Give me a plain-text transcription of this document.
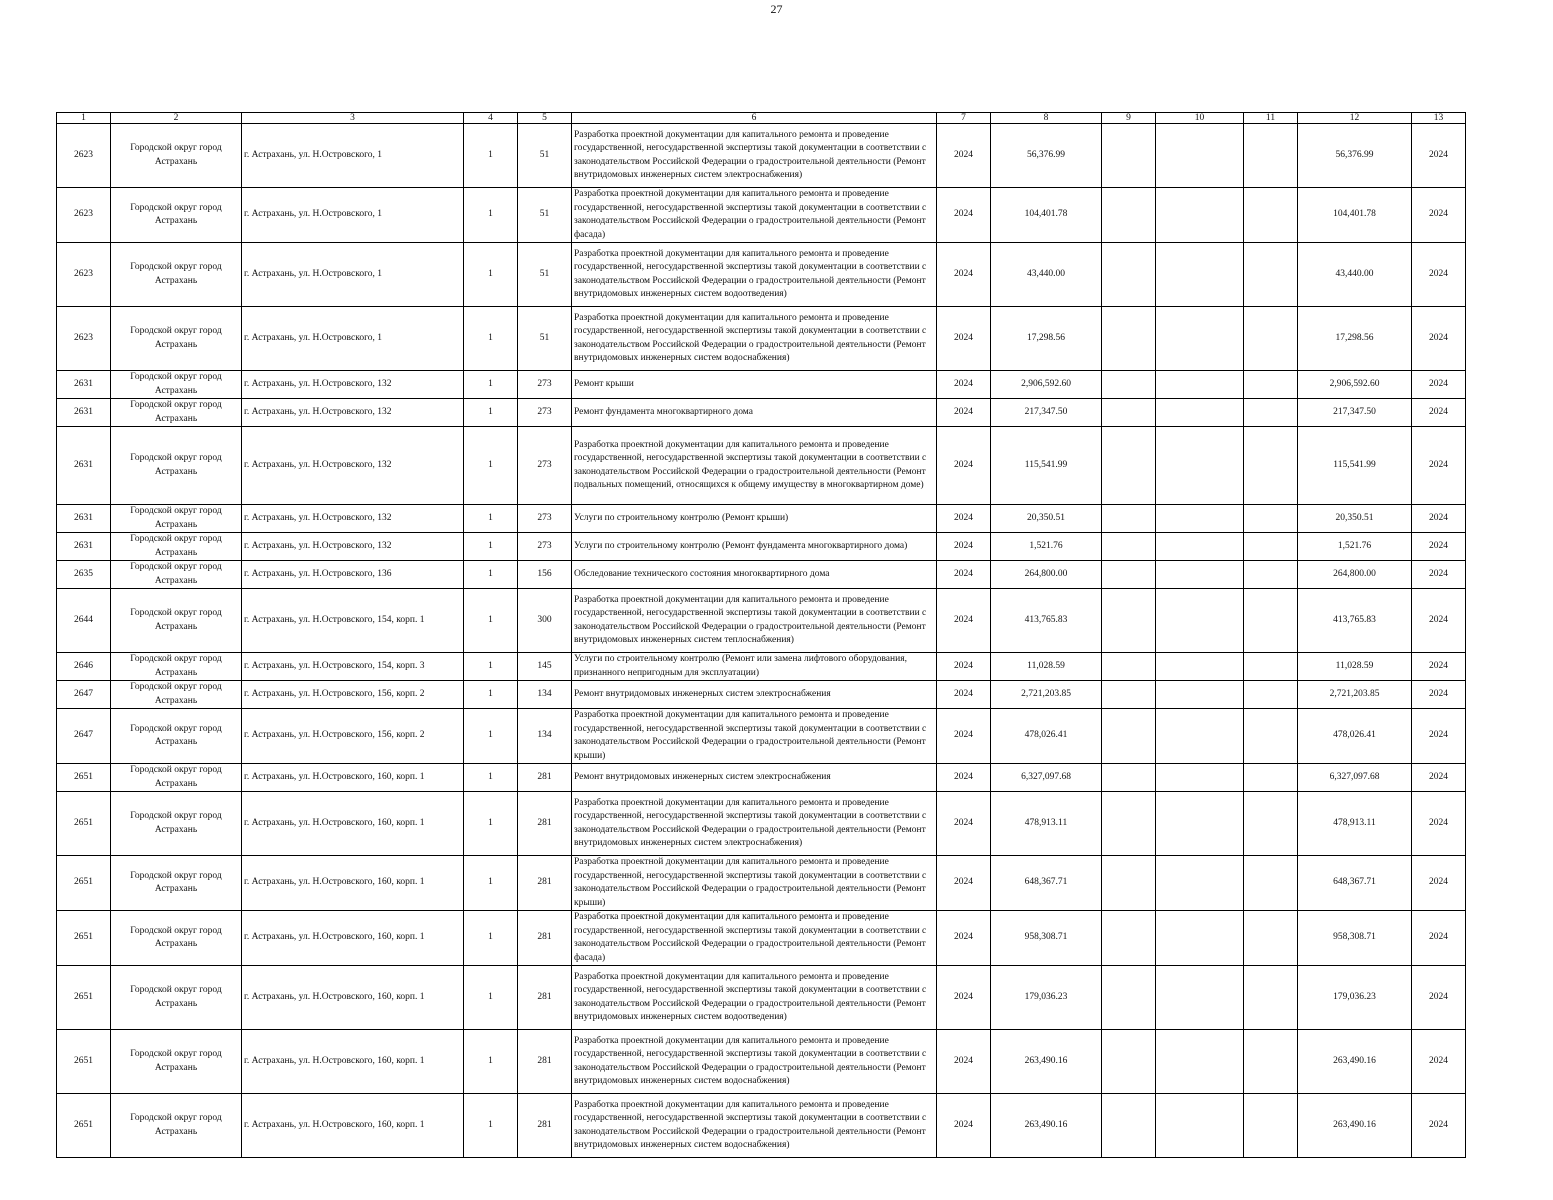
27
1	2	3	4	5	6	7	8	9	10	11	12	13
2623	Городской округ город Астрахань	г. Астрахань, ул. Н.Островского, 1	1	51	Разработка проектной документации для капитального ремонта и проведение государственной, негосударственной экспертизы такой документации в соответствии с законодательством Российской Федерации о градостроительной деятельности (Ремонт внутридомовых инженерных систем электроснабжения)	2024	56,376.99				56,376.99	2024
2623	Городской округ город Астрахань	г. Астрахань, ул. Н.Островского, 1	1	51	Разработка проектной документации для капитального ремонта и проведение государственной, негосударственной экспертизы такой документации в соответствии с законодательством Российской Федерации о градостроительной деятельности (Ремонт фасада)	2024	104,401.78				104,401.78	2024
2623	Городской округ город Астрахань	г. Астрахань, ул. Н.Островского, 1	1	51	Разработка проектной документации для капитального ремонта и проведение государственной, негосударственной экспертизы такой документации в соответствии с законодательством Российской Федерации о градостроительной деятельности (Ремонт внутридомовых инженерных систем водоотведения)	2024	43,440.00				43,440.00	2024
2623	Городской округ город Астрахань	г. Астрахань, ул. Н.Островского, 1	1	51	Разработка проектной документации для капитального ремонта и проведение государственной, негосударственной экспертизы такой документации в соответствии с законодательством Российской Федерации о градостроительной деятельности (Ремонт внутридомовых инженерных систем водоснабжения)	2024	17,298.56				17,298.56	2024
2631	Городской округ город Астрахань	г. Астрахань, ул. Н.Островского, 132	1	273	Ремонт крыши	2024	2,906,592.60				2,906,592.60	2024
2631	Городской округ город Астрахань	г. Астрахань, ул. Н.Островского, 132	1	273	Ремонт фундамента многоквартирного дома	2024	217,347.50				217,347.50	2024
2631	Городской округ город Астрахань	г. Астрахань, ул. Н.Островского, 132	1	273	Разработка проектной документации для капитального ремонта и проведение государственной, негосударственной экспертизы такой документации в соответствии с законодательством Российской Федерации о градостроительной деятельности (Ремонт подвальных помещений, относящихся к общему имуществу в многоквартирном доме)	2024	115,541.99				115,541.99	2024
2631	Городской округ город Астрахань	г. Астрахань, ул. Н.Островского, 132	1	273	Услуги по строительному контролю (Ремонт крыши)	2024	20,350.51				20,350.51	2024
2631	Городской округ город Астрахань	г. Астрахань, ул. Н.Островского, 132	1	273	Услуги по строительному контролю (Ремонт фундамента многоквартирного дома)	2024	1,521.76				1,521.76	2024
2635	Городской округ город Астрахань	г. Астрахань, ул. Н.Островского, 136	1	156	Обследование технического состояния многоквартирного дома	2024	264,800.00				264,800.00	2024
2644	Городской округ город Астрахань	г. Астрахань, ул. Н.Островского, 154, корп. 1	1	300	Разработка проектной документации для капитального ремонта и проведение государственной, негосударственной экспертизы такой документации в соответствии с законодательством Российской Федерации о градостроительной деятельности (Ремонт внутридомовых инженерных систем теплоснабжения)	2024	413,765.83				413,765.83	2024
2646	Городской округ город Астрахань	г. Астрахань, ул. Н.Островского, 154, корп. 3	1	145	Услуги по строительному контролю (Ремонт или замена лифтового оборудования, признанного непригодным для эксплуатации)	2024	11,028.59				11,028.59	2024
2647	Городской округ город Астрахань	г. Астрахань, ул. Н.Островского, 156, корп. 2	1	134	Ремонт внутридомовых инженерных систем электроснабжения	2024	2,721,203.85				2,721,203.85	2024
2647	Городской округ город Астрахань	г. Астрахань, ул. Н.Островского, 156, корп. 2	1	134	Разработка проектной документации для капитального ремонта и проведение государственной, негосударственной экспертизы такой документации в соответствии с законодательством Российской Федерации о градостроительной деятельности (Ремонт крыши)	2024	478,026.41				478,026.41	2024
2651	Городской округ город Астрахань	г. Астрахань, ул. Н.Островского, 160, корп. 1	1	281	Ремонт внутридомовых инженерных систем электроснабжения	2024	6,327,097.68				6,327,097.68	2024
2651	Городской округ город Астрахань	г. Астрахань, ул. Н.Островского, 160, корп. 1	1	281	Разработка проектной документации для капитального ремонта и проведение государственной, негосударственной экспертизы такой документации в соответствии с законодательством Российской Федерации о градостроительной деятельности (Ремонт внутридомовых инженерных систем электроснабжения)	2024	478,913.11				478,913.11	2024
2651	Городской округ город Астрахань	г. Астрахань, ул. Н.Островского, 160, корп. 1	1	281	Разработка проектной документации для капитального ремонта и проведение государственной, негосударственной экспертизы такой документации в соответствии с законодательством Российской Федерации о градостроительной деятельности (Ремонт крыши)	2024	648,367.71				648,367.71	2024
2651	Городской округ город Астрахань	г. Астрахань, ул. Н.Островского, 160, корп. 1	1	281	Разработка проектной документации для капитального ремонта и проведение государственной, негосударственной экспертизы такой документации в соответствии с законодательством Российской Федерации о градостроительной деятельности (Ремонт фасада)	2024	958,308.71				958,308.71	2024
2651	Городской округ город Астрахань	г. Астрахань, ул. Н.Островского, 160, корп. 1	1	281	Разработка проектной документации для капитального ремонта и проведение государственной, негосударственной экспертизы такой документации в соответствии с законодательством Российской Федерации о градостроительной деятельности (Ремонт внутридомовых инженерных систем водоотведения)	2024	179,036.23				179,036.23	2024
2651	Городской округ город Астрахань	г. Астрахань, ул. Н.Островского, 160, корп. 1	1	281	Разработка проектной документации для капитального ремонта и проведение государственной, негосударственной экспертизы такой документации в соответствии с законодательством Российской Федерации о градостроительной деятельности (Ремонт внутридомовых инженерных систем водоснабжения)	2024	263,490.16				263,490.16	2024
2651	Городской округ город Астрахань	г. Астрахань, ул. Н.Островского, 160, корп. 1	1	281	Разработка проектной документации для капитального ремонта и проведение государственной, негосударственной экспертизы такой документации в соответствии с законодательством Российской Федерации о градостроительной деятельности (Ремонт внутридомовых инженерных систем водоснабжения)	2024	263,490.16				263,490.16	2024
